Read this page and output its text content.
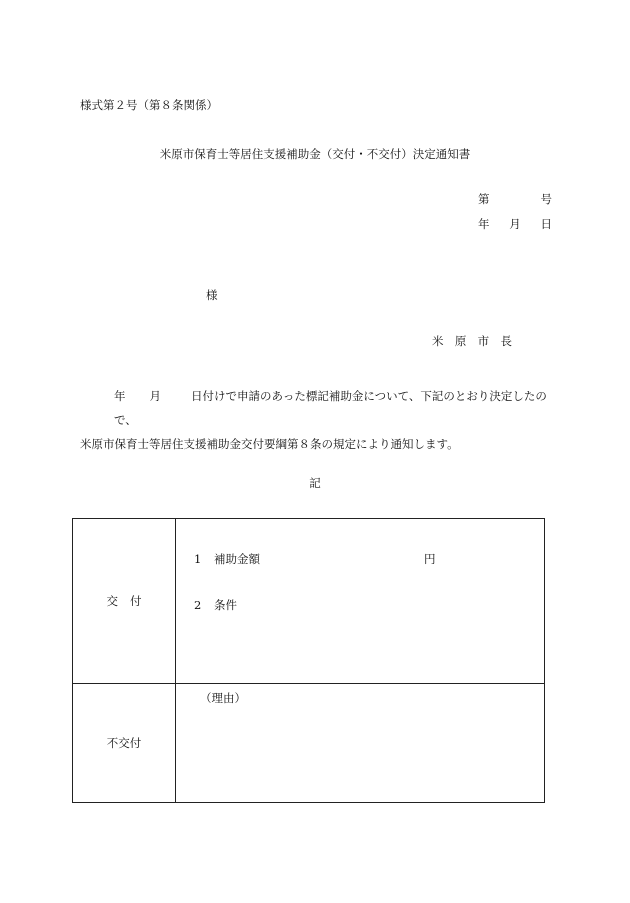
様式第２号（第８条関係）
米原市保育士等居住支援補助金（交付・不交付）決定通知書
第	号
年 月 日
様
米 原 市 長
年 月	日付けで申請のあった標記補助金について、下記のとおり決定したので、
米原市保育士等居住支援補助金交付要綱第８条の規定により通知します。
記
交付	1 補助金額 円
2 条件

不交付	（理由）
